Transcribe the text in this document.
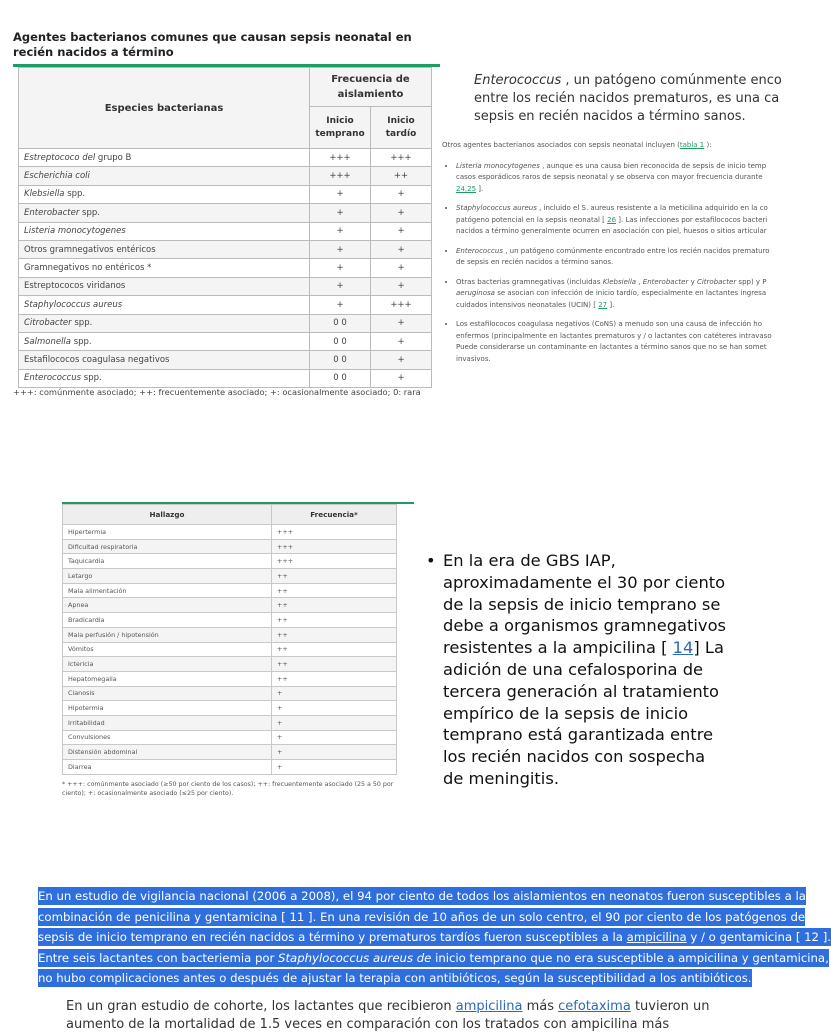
Agentes bacterianos comunes que causan sepsis neonatal en recién nacidos a término
Especies bacterianas	Frecuencia de aislamiento	
	Inicio temprano	Inicio tardío
Estreptococo del grupo B	+++	+++
Escherichia coli	+++	++
Klebsiella spp.	+	+
Enterobacter spp.	+	+
Listeria monocytogenes	+	+
Otros gramnegativos entéricos	+	+
Gramnegativos no entéricos *	+	+
Estreptococos viridanos	+	+
Staphylococcus aureus	+	+++
Citrobacter spp.	0 0	+
Salmonella spp.	0 0	+
Estafilococos coagulasa negativos	0 0	+
Enterococcus spp.	0 0	+
+++: comúnmente asociado; ++: frecuentemente asociado; +: ocasionalmente asociado; 0: rara
Enterococcus , un patógeno comúnmente enco
entre los recién nacidos prematuros, es una ca
sepsis en recién nacidos a término sanos.

Otros agentes bacterianos asociados con sepsis neonatal incluyen (tabla 1 ):

• Listeria monocytogenes , aunque es una causa bien reconocida de sepsis de inicio temp
casos esporádicos raros de sepsis neonatal y se observa con mayor frecuencia durante
24,25 ].
• Staphylococcus aureus , incluido el S. aureus resistente a la meticilina adquirido en la co
patógeno potencial en la sepsis neonatal [ 26 ]. Las infecciones por estafilococos bacteri
nacidos a término generalmente ocurren en asociación con piel, huesos o sitios articular
• Enterococcus , un patógeno comúnmente encontrado entre los recién nacidos prematuro
de sepsis en recién nacidos a término sanos.
• Otras bacterias gramnegativas (incluidas Klebsiella , Enterobacter y Citrobacter spp) y P
aeruginosa se asocian con infección de inicio tardío, especialmente en lactantes ingresa
cuidados intensivos neonatales (UCIN) [ 27 ].
• Los estafilococos coagulasa negativos (CoNS) a menudo son una causa de infección ho
enfermos (principalmente en lactantes prematuros y / o lactantes con catéteres intravaso
Puede considerarse un contaminante en lactantes a término sanos que no se han somet
invasivos.
Hallazgo	Frecuencia*
Hipertermia	+++
Dificultad respiratoria	+++
Taquicardia	+++
Letargo	++
Mala alimentación	++
Apnea	++
Bradicardia	++
Mala perfusión / hipotensión	++
Vómitos	++
Ictericia	++
Hepatomegalia	++
Cianosis	+
Hipotermia	+
Irritabilidad	+
Convulsiones	+
Distensión abdominal	+
Diarrea	+
* +++: comúnmente asociado (≥50 por ciento de los casos); ++: frecuentemente asociado (25 a 50 por ciento); +: ocasionalmente asociado (≤25 por ciento).
• En la era de GBS IAP, aproximadamente el 30 por ciento de la sepsis de inicio temprano se debe a organismos gramnegativos resistentes a la ampicilina [ 14] La adición de una cefalosporina de tercera generación al tratamiento empírico de la sepsis de inicio temprano está garantizada entre los recién nacidos con sospecha de meningitis.
En un estudio de vigilancia nacional (2006 a 2008), el 94 por ciento de todos los aislamientos en neonatos fueron susceptibles a la
combinación de penicilina y gentamicina [ 11 ]. En una revisión de 10 años de un solo centro, el 90 por ciento de los patógenos de
sepsis de inicio temprano en recién nacidos a término y prematuros tardíos fueron susceptibles a la ampicilina y / o gentamicina [ 12 ].
Entre seis lactantes con bacteriemia por Staphylococcus aureus de inicio temprano que no era susceptible a ampicilina y gentamicina,
no hubo complicaciones antes o después de ajustar la terapia con antibióticos, según la susceptibilidad a los antibióticos.
En un gran estudio de cohorte, los lactantes que recibieron ampicilina más cefotaxima tuvieron un
aumento de la mortalidad de 1.5 veces en comparación con los tratados con ampicilina más
